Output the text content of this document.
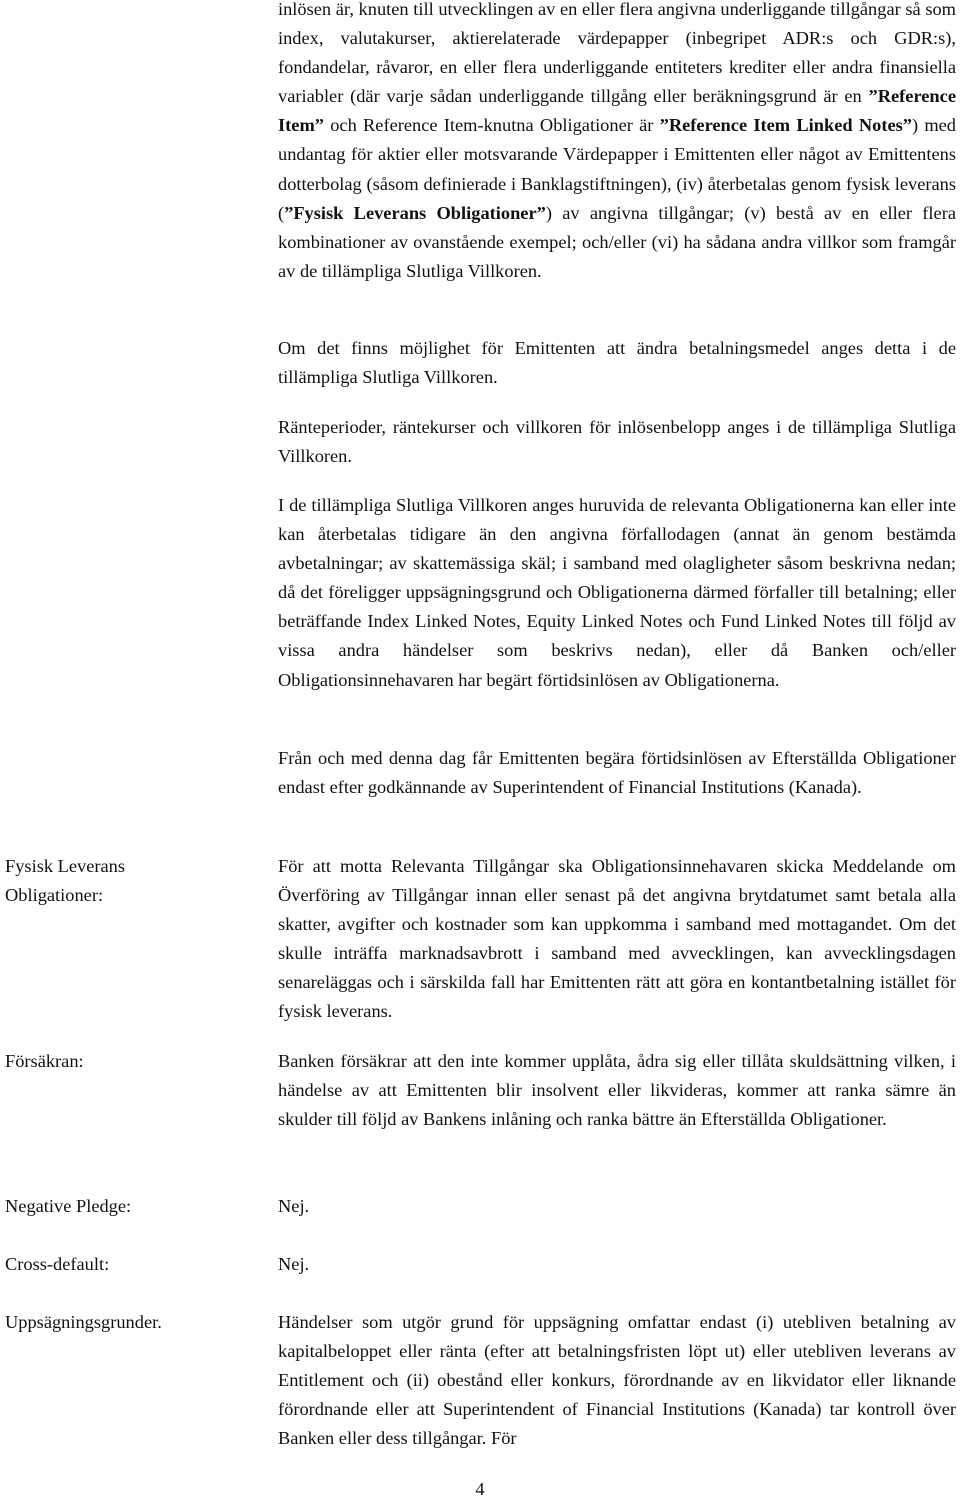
inlösen är, knuten till utvecklingen av en eller flera angivna underliggande tillgångar så som index, valutakurser, aktierelaterade värdepapper (inbegripet ADR:s och GDR:s), fondandelar, råvaror, en eller flera underliggande entiteters krediter eller andra finansiella variabler (där varje sådan underliggande tillgång eller beräkningsgrund är en ”Reference Item” och Reference Item-knutna Obligationer är ”Reference Item Linked Notes”) med undantag för aktier eller motsvarande Värdepapper i Emittenten eller något av Emittentens dotterbolag (såsom definierade i Banklagstiftningen), (iv) återbetalas genom fysisk leverans (”Fysisk Leverans Obligationer”) av angivna tillgångar; (v) bestå av en eller flera kombinationer av ovanstående exempel; och/eller (vi) ha sådana andra villkor som framgår av de tillämpliga Slutliga Villkoren.

Om det finns möjlighet för Emittenten att ändra betalningsmedel anges detta i de tillämpliga Slutliga Villkoren.

Ränteperioder, räntekurser och villkoren för inlösenbelopp anges i de tillämpliga Slutliga Villkoren.

I de tillämpliga Slutliga Villkoren anges huruvida de relevanta Obligationerna kan eller inte kan återbetalas tidigare än den angivna förfallodagen (annat än genom bestämda avbetalningar; av skattemässiga skäl; i samband med olagligheter såsom beskrivna nedan; då det föreligger uppsägningsgrund och Obligationerna därmed förfaller till betalning; eller beträffande Index Linked Notes, Equity Linked Notes och Fund Linked Notes till följd av vissa andra händelser som beskrivs nedan), eller då Banken och/eller Obligationsinnehavaren har begärt förtidsinlösen av Obligationerna.

Från och med denna dag får Emittenten begära förtidsinlösen av Efterställda Obligationer endast efter godkännande av Superintendent of Financial Institutions (Kanada).

Fysisk Leverans Obligationer:

För att motta Relevanta Tillgångar ska Obligationsinnehavaren skicka Meddelande om Överföring av Tillgångar innan eller senast på det angivna brytdatumet samt betala alla skatter, avgifter och kostnader som kan uppkomma i samband med mottagandet. Om det skulle inträffa marknadsavbrott i samband med avvecklingen, kan avvecklingsdagen senareläggas och i särskilda fall har Emittenten rätt att göra en kontantbetalning istället för fysisk leverans.

Försäkran:	Banken försäkrar att den inte kommer upplåta, ådra sig eller tillåta skuldsättning vilken, i händelse av att Emittenten blir insolvent eller likvideras, kommer att ranka sämre än skulder till följd av Bankens inlåning och ranka bättre än Efterställda Obligationer.

Negative Pledge:	Nej.

Cross-default:	Nej.

Uppsägningsgrunder.	Händelser som utgör grund för uppsägning omfattar endast (i) utebliven betalning av kapitalbeloppet eller ränta (efter att betalningsfristen löpt ut) eller utebliven leverans av Entitlement och (ii) obestånd eller konkurs, förordnande av en likvidator eller liknande förordnande eller att Superintendent of Financial Institutions (Kanada) tar kontroll över Banken eller dess tillgångar. För

4
